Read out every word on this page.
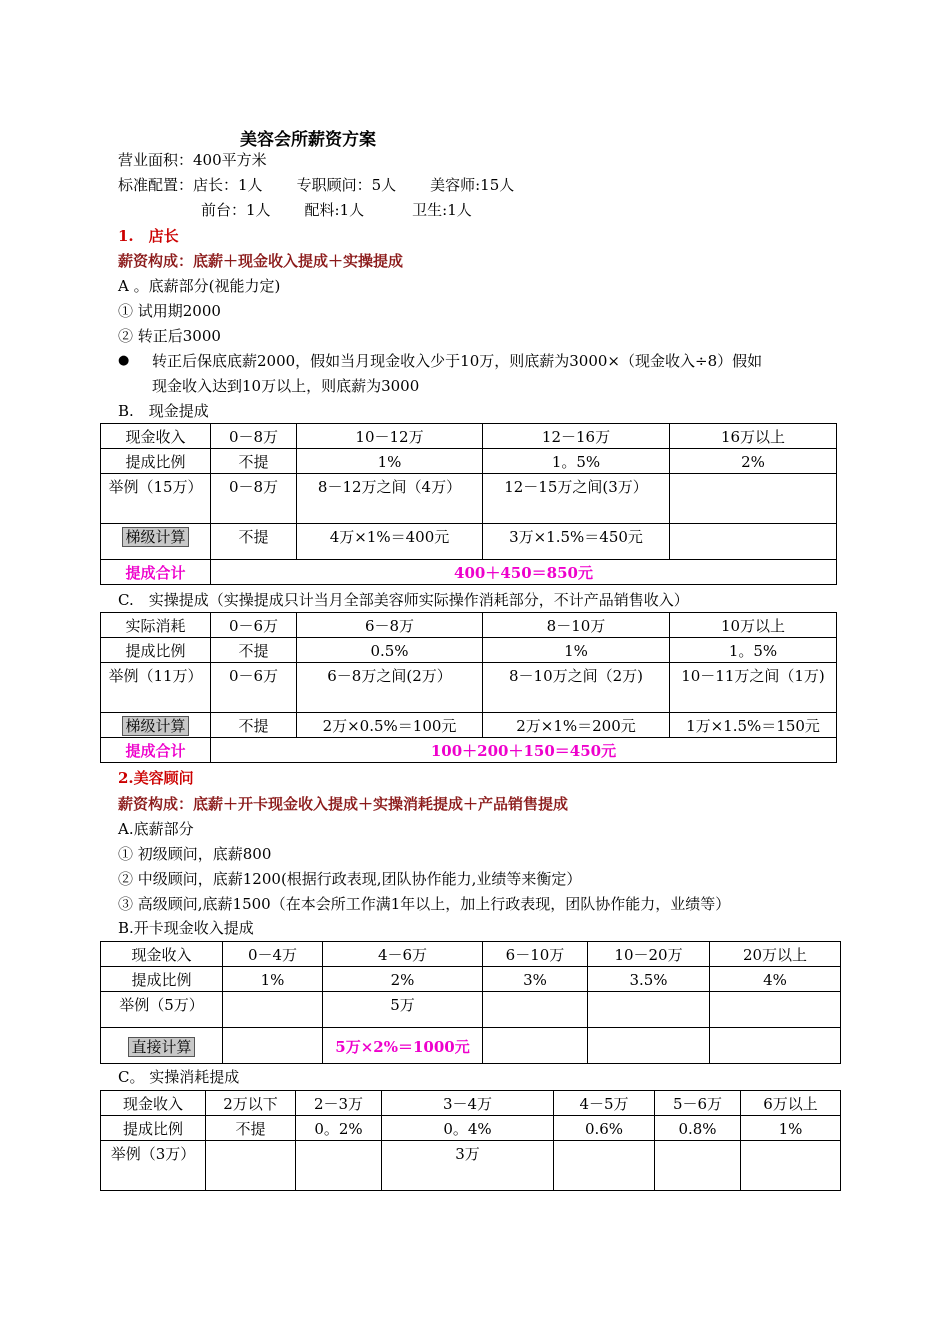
美容会所薪资方案
营业面积：400平方米
标准配置：店长：1人 专职顾问：5人 美容师:15人
前台：1人 配料:1人	卫生:1人
1.　店长
薪资构成：底薪＋现金收入提成＋实操提成
A 。底薪部分(视能力定)
① 试用期2000
② 转正后3000
● 转正后保底底薪2000，假如当月现金收入少于10万，则底薪为3000×（现金收入÷8）假如
现金收入达到10万以上，则底薪为3000
B.　现金提成
现金收入	0－8万	10－12万	12－16万	16万以上
提成比例	不提	1%	1。5%	2%
举例（15万）	0－8万	8－12万之间（4万）	12－15万之间(3万）	
梯级计算	不提	4万×1%＝400元	3万×1.5%＝450元	
提成合计	400＋450＝850元			
C.　实操提成（实操提成只计当月全部美容师实际操作消耗部分，不计产品销售收入）
实际消耗	0－6万	6－8万	8－10万	10万以上
提成比例	不提	0.5%	1%	1。5%
举例（11万）	0－6万	6－8万之间(2万）	8－10万之间（2万)	10－11万之间（1万)
梯级计算	不提	2万×0.5%＝100元	2万×1%＝200元	1万×1.5%＝150元
提成合计	100＋200＋150＝450元			
2.美容顾问
薪资构成：底薪＋开卡现金收入提成＋实操消耗提成＋产品销售提成
A.底薪部分
① 初级顾问，底薪800
② 中级顾问，底薪1200(根据行政表现,团队协作能力,业绩等来衡定）
③ 高级顾问,底薪1500（在本会所工作满1年以上，加上行政表现，团队协作能力，业绩等）
B.开卡现金收入提成
现金收入	0－4万	4－6万	6－10万	10－20万	20万以上
提成比例	1%	2%	3%	3.5%	4%
举例（5万）		5万			
直接计算		5万×2%＝1000元			
C。 实操消耗提成
现金收入	2万以下	2－3万	3－4万	4－5万	5－6万	6万以上
提成比例	不提	0。2%	0。4%	0.6%	0.8%	1%
举例（3万）			3万			
